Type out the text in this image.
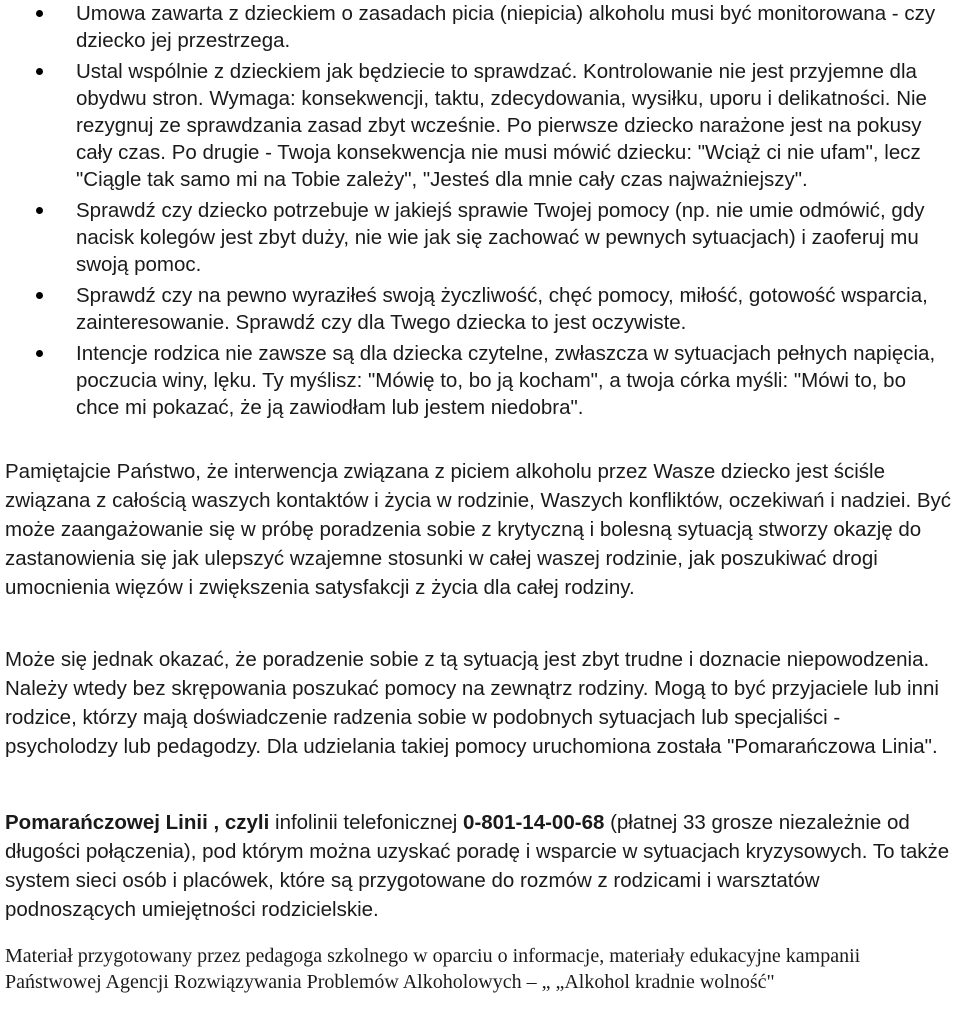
Umowa zawarta z dzieckiem o zasadach picia (niepicia) alkoholu musi być monitorowana - czy dziecko jej przestrzega.
Ustal wspólnie z dzieckiem jak będziecie to sprawdzać. Kontrolowanie nie jest przyjemne dla obydwu stron. Wymaga: konsekwencji, taktu, zdecydowania, wysiłku, uporu i delikatności. Nie rezygnuj ze sprawdzania zasad zbyt wcześnie. Po pierwsze dziecko narażone jest na pokusy cały czas. Po drugie - Twoja konsekwencja nie musi mówić dziecku: "Wciąż ci nie ufam", lecz "Ciągle tak samo mi na Tobie zależy", "Jesteś dla mnie cały czas najważniejszy".
Sprawdź czy dziecko potrzebuje w jakiejś sprawie Twojej pomocy (np. nie umie odmówić, gdy nacisk kolegów jest zbyt duży, nie wie jak się zachować w pewnych sytuacjach) i zaoferuj mu swoją pomoc.
Sprawdź czy na pewno wyraziłeś swoją życzliwość, chęć pomocy, miłość, gotowość wsparcia, zainteresowanie. Sprawdź czy dla Twego dziecka to jest oczywiste.
Intencje rodzica nie zawsze są dla dziecka czytelne, zwłaszcza w sytuacjach pełnych napięcia, poczucia winy, lęku. Ty myślisz: "Mówię to, bo ją kocham", a twoja córka myśli: "Mówi to, bo chce mi pokazać, że ją zawiodłam lub jestem niedobra".

Pamiętajcie Państwo, że interwencja związana z piciem alkoholu przez Wasze dziecko jest ściśle związana z całością waszych kontaktów i życia w rodzinie, Waszych konfliktów, oczekiwań i nadziei. Być może zaangażowanie się w próbę poradzenia sobie z krytyczną i bolesną sytuacją stworzy okazję do zastanowienia się jak ulepszyć wzajemne stosunki w całej waszej rodzinie, jak poszukiwać drogi umocnienia więzów i zwiększenia satysfakcji z życia dla całej rodziny.

Może się jednak okazać, że poradzenie sobie z tą sytuacją jest zbyt trudne i doznacie niepowodzenia. Należy wtedy bez skrępowania poszukać pomocy na zewnątrz rodziny. Mogą to być przyjaciele lub inni rodzice, którzy mają doświadczenie radzenia sobie w podobnych sytuacjach lub specjaliści - psycholodzy lub pedagodzy. Dla udzielania takiej pomocy uruchomiona została "Pomarańczowa Linia".

Pomarańczowej Linii , czyli infolinii telefonicznej 0-801-14-00-68 (płatnej 33 grosze niezależnie od długości połączenia), pod którym można uzyskać poradę i wsparcie w sytuacjach kryzysowych. To także system sieci osób i placówek, które są przygotowane do rozmów z rodzicami i warsztatów podnoszących umiejętności rodzicielskie.

Materiał przygotowany przez pedagoga szkolnego w oparciu o informacje, materiały edukacyjne kampanii Państwowej Agencji Rozwiązywania Problemów Alkoholowych – „ „Alkohol kradnie wolność"
